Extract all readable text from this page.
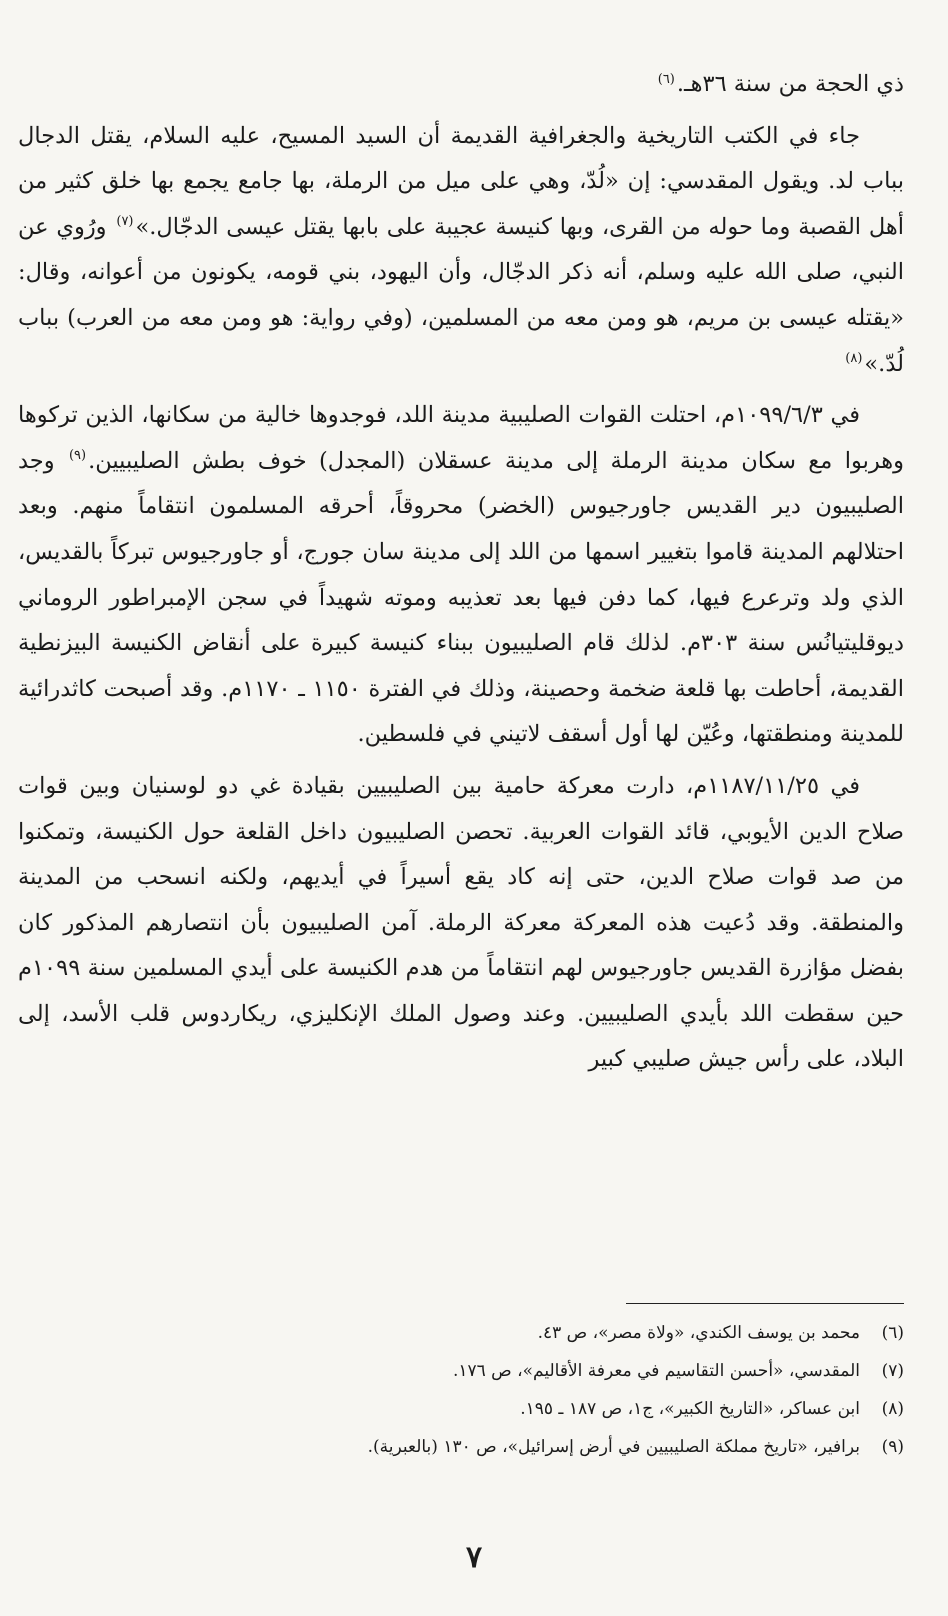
ذي الحجة من سنة ٣٦هـ.$^{(٦)}$

جاء في الكتب التاريخية والجغرافية القديمة أن السيد المسيح، عليه السلام، يقتل الدجال بباب لد. ويقول المقدسي: إن «لُدّ، وهي على ميل من الرملة، بها جامع يجمع بها خلق كثير من أهل القصبة وما حوله من القرى، وبها كنيسة عجيبة على بابها يقتل عيسى الدجّال.»$^{(٧)}$ ورُوي عن النبي، صلى الله عليه وسلم، أنه ذكر الدجّال، وأن اليهود، بني قومه، يكونون من أعوانه، وقال: «يقتله عيسى بن مريم، هو ومن معه من المسلمين، (وفي رواية: هو ومن معه من العرب) بباب لُدّ.»$^{(٨)}$

في ١٠٩٩/٦/٣م، احتلت القوات الصليبية مدينة اللد، فوجدوها خالية من سكانها، الذين تركوها وهربوا مع سكان مدينة الرملة إلى مدينة عسقلان (المجدل) خوف بطش الصليبيين.$^{(٩)}$ وجد الصليبيون دير القديس جاورجيوس (الخضر) محروقاً، أحرقه المسلمون انتقاماً منهم. وبعد احتلالهم المدينة قاموا بتغيير اسمها من اللد إلى مدينة سان جورج، أو جاورجيوس تبركاً بالقديس، الذي ولد وترعرع فيها، كما دفن فيها بعد تعذيبه وموته شهيداً في سجن الإمبراطور الروماني ديوقليتيانُس سنة ٣٠٣م. لذلك قام الصليبيون ببناء كنيسة كبيرة على أنقاض الكنيسة البيزنطية القديمة، أحاطت بها قلعة ضخمة وحصينة، وذلك في الفترة ١١٥٠ ـ ١١٧٠م. وقد أصبحت كاثدرائية للمدينة ومنطقتها، وعُيّن لها أول أسقف لاتيني في فلسطين.

في ١١٨٧/١١/٢٥م، دارت معركة حامية بين الصليبيين بقيادة غي دو لوسنيان وبين قوات صلاح الدين الأيوبي، قائد القوات العربية. تحصن الصليبيون داخل القلعة حول الكنيسة، وتمكنوا من صد قوات صلاح الدين، حتى إنه كاد يقع أسيراً في أيديهم، ولكنه انسحب من المدينة والمنطقة. وقد دُعيت هذه المعركة معركة الرملة. آمن الصليبيون بأن انتصارهم المذكور كان بفضل مؤازرة القديس جاورجيوس لهم انتقاماً من هدم الكنيسة على أيدي المسلمين سنة ١٠٩٩م حين سقطت اللد بأيدي الصليبيين. وعند وصول الملك الإنكليزي، ريكاردوس قلب الأسد، إلى البلاد، على رأس جيش صليبي كبير

(٦)محمد بن يوسف الكندي، «ولاة مصر»، ص ٤٣.
(٧)المقدسي، «أحسن التقاسيم في معرفة الأقاليم»، ص ١٧٦.
(٨)ابن عساكر، «التاريخ الكبير»، ج١، ص ١٨٧ ـ ١٩٥.
(٩)برافير، «تاريخ مملكة الصليبيين في أرض إسرائيل»، ص ١٣٠ (بالعبرية).
٧
